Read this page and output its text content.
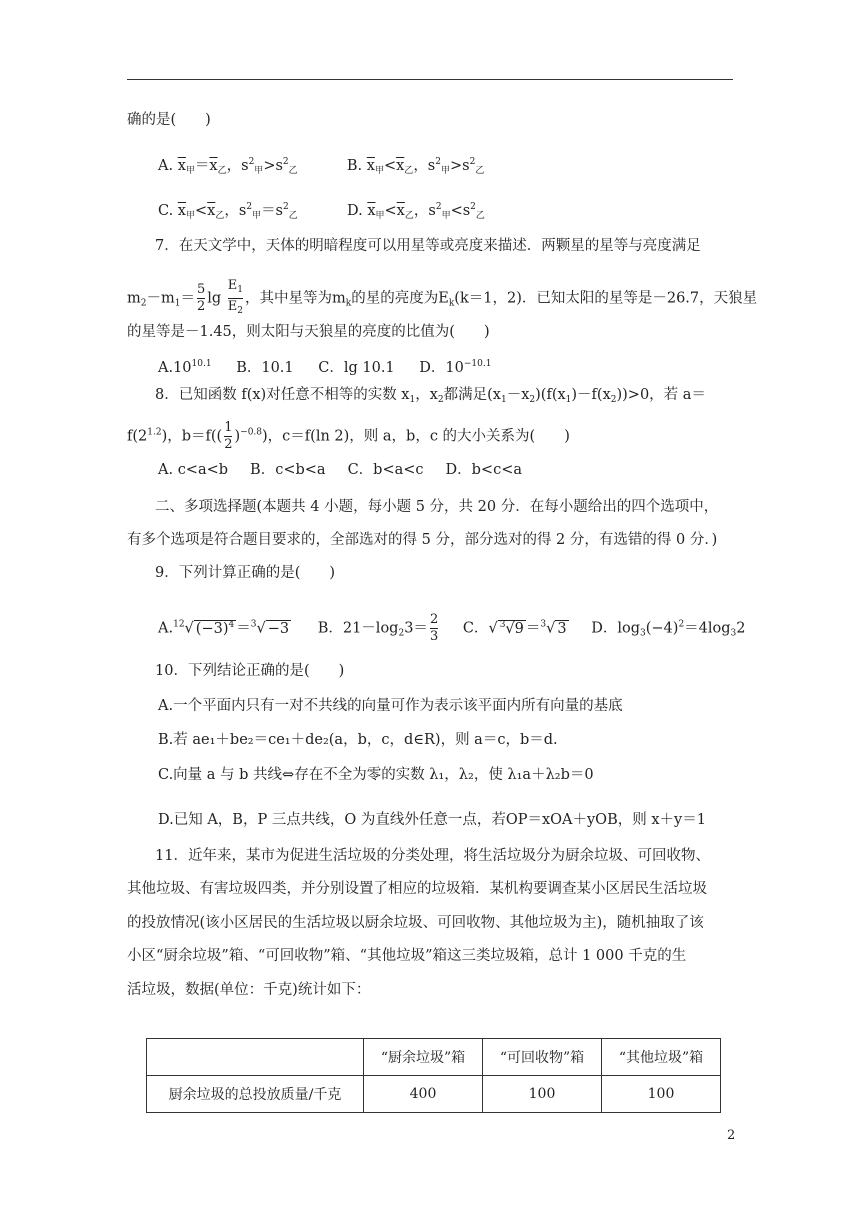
确的是(　　)
A. $\overline{x}_甲=\overline{x}_乙$，$s^2_甲>s^2_乙$	B. $\overline{x}_甲<\overline{x}_乙$，$s^2_甲>s^2_乙$
C. $\overline{x}_甲<\overline{x}_乙$，$s^2_甲=s^2_乙$	D. $\overline{x}_甲<\overline{x}_乙$，$s^2_甲<s^2_乙$
7．在天文学中，天体的明暗程度可以用星等或亮度来描述．两颗星的星等与亮度满足
$m_2-m_1= \frac{5}{2}$ $\lg \frac{E_1}{E_2}$ ，其中星等为$m_k$的星的亮度为$E_k(k=1$，2)．已知太阳的星等是－26.7，天狼星
的星等是－1.45，则太阳与天狼星的亮度的比值为(　　)
$A.10^{10.1}$ B．10.1 C．lg 10.1 D．$10^{-10.1}$
8．已知函数 f(x)对任意不相等的实数 $x_1$，$x_2$都满足$(x_1-x_2)(f(x_1)-f(x_2))>0$，若 a＝
$f(2^{1.2})$，$b=f(( \frac{1}{2} )^{-0.8})$，c＝f(ln 2)，则 a，b，c 的大小关系为(　　)
A. c<a<b B．c<b<a C．b<a<c D．b<c<a
二、多项选择题(本题共 4 小题，每小题 5 分，共 20 分．在每小题给出的四个选项中，
有多个选项是符合题目要求的，全部选对的得 5 分，部分选对的得 2 分，有选错的得 0 分．)
9．下列计算正确的是(　　)
A.$^{12}$√ $(-3)^4 =^3√ -3$ B．$21-\log_23= \frac{2}{3}$ C．√ $^3$√9 ＝$^3$√ 3 D．$\log_3(-4)^2=4\log_32$
10．下列结论正确的是(　　)
A.一个平面内只有一对不共线的向量可作为表示该平面内所有向量的基底
B.若 ae₁＋be₂＝ce₁＋de₂(a，b，c，d∈R)，则 a＝c，b＝d.
C.向量 a 与 b 共线⇔存在不全为零的实数 λ₁，λ₂，使 λ₁a＋λ₂b＝0
D.已知 A，B，P 三点共线，O 为直线外任意一点，若OP＝xOA＋yOB，则 x＋y＝1
11．近年来，某市为促进生活垃圾的分类处理，将生活垃圾分为厨余垃圾、可回收物、
其他垃圾、有害垃圾四类，并分别设置了相应的垃圾箱．某机构要调查某小区居民生活垃圾
的投放情况(该小区居民的生活垃圾以厨余垃圾、可回收物、其他垃圾为主)，随机抽取了该
小区“厨余垃圾”箱、“可回收物”箱、“其他垃圾”箱这三类垃圾箱，总计 1 000 千克的生
活垃圾，数据(单位：千克)统计如下：
	“厨余垃圾”箱	“可回收物”箱	“其他垃圾”箱
厨余垃圾的总投放质量/千克	400	100	100
2
